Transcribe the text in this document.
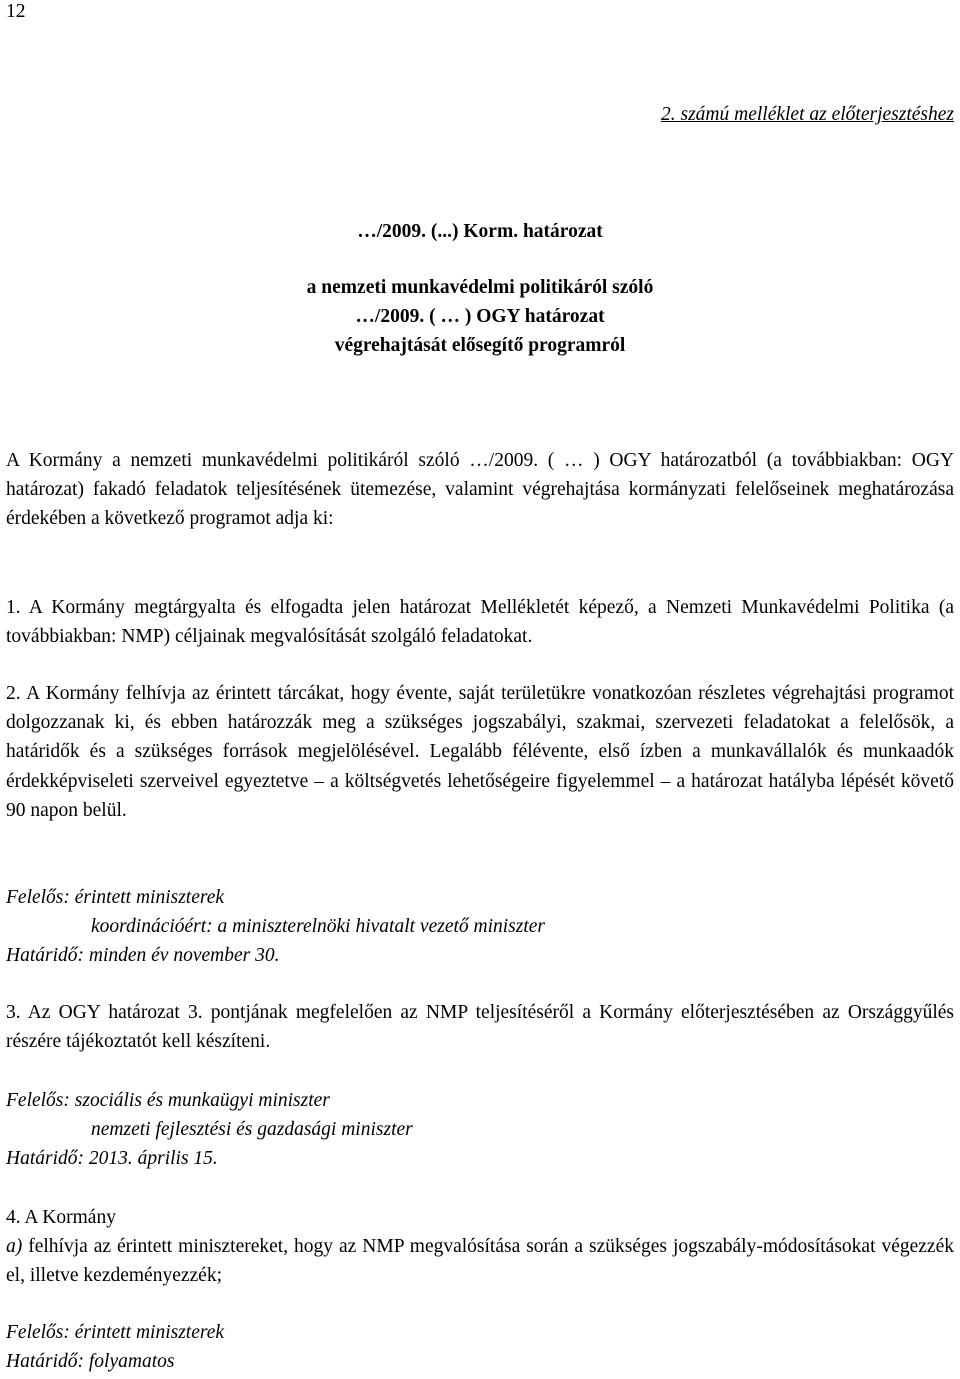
12

2. számú melléklet az előterjesztéshez

…/2009. (...) Korm. határozat
a nemzeti munkavédelmi politikáról szóló
…/2009. ( … ) OGY határozat
végrehajtását elősegítő programról

A Kormány a nemzeti munkavédelmi politikáról szóló …/2009. ( … ) OGY határozatból (a továbbiakban: OGY határozat) fakadó feladatok teljesítésének ütemezése, valamint végrehajtása kormányzati felelőseinek meghatározása érdekében a következő programot adja ki:

1. A Kormány megtárgyalta és elfogadta jelen határozat Mellékletét képező, a Nemzeti Munkavédelmi Politika (a továbbiakban: NMP) céljainak megvalósítását szolgáló feladatokat.

2. A Kormány felhívja az érintett tárcákat, hogy évente, saját területükre vonatkozóan részletes végrehajtási programot dolgozzanak ki, és ebben határozzák meg a szükséges jogszabályi, szakmai, szervezeti feladatokat a felelősök, a határidők és a szükséges források megjelölésével. Legalább félévente, első ízben a munkavállalók és munkaadók érdekképviseleti szerveivel egyeztetve – a költségvetés lehetőségeire figyelemmel – a határozat hatályba lépését követő 90 napon belül.

Felelős: érintett miniszterek
koordinációért: a miniszterelnöki hivatalt vezető miniszter
Határidő: minden év november 30.

3. Az OGY határozat 3. pontjának megfelelően az NMP teljesítéséről a Kormány előterjesztésében az Országgyűlés részére tájékoztatót kell készíteni.

Felelős: szociális és munkaügyi miniszter
nemzeti fejlesztési és gazdasági miniszter
Határidő: 2013. április 15.
4. A Kormány
a) felhívja az érintett minisztereket, hogy az NMP megvalósítása során a szükséges jogszabály-módosításokat végezzék el, illetve kezdeményezzék;
Felelős: érintett miniszterek
Határidő: folyamatos
